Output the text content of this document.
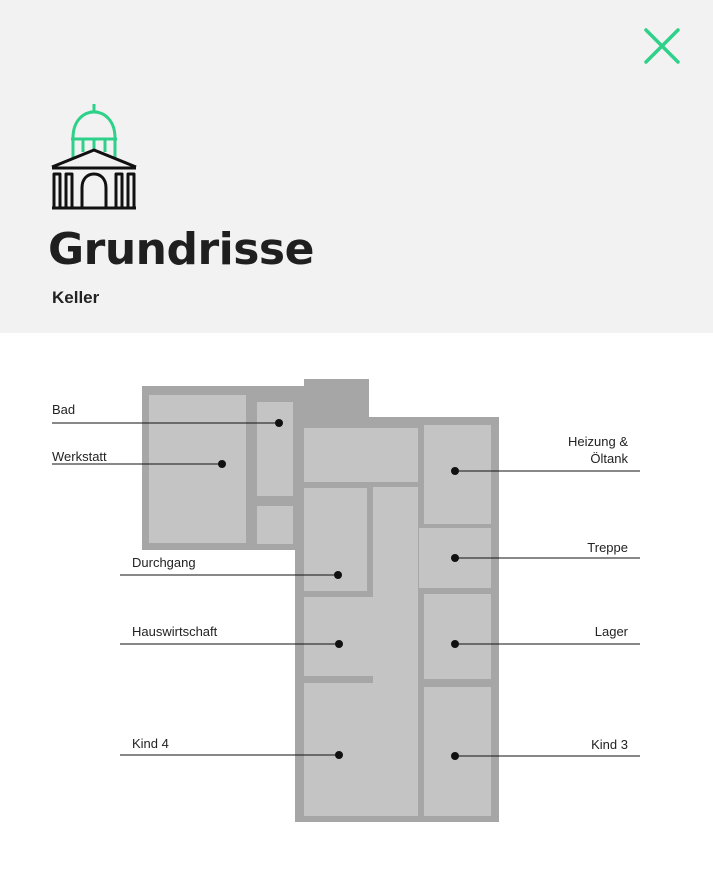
Grundrisse
Keller
Bad
Werkstatt
Durchgang
Hauswirtschaft
Kind 4
Heizung &
Öltank
Treppe
Lager
Kind 3
